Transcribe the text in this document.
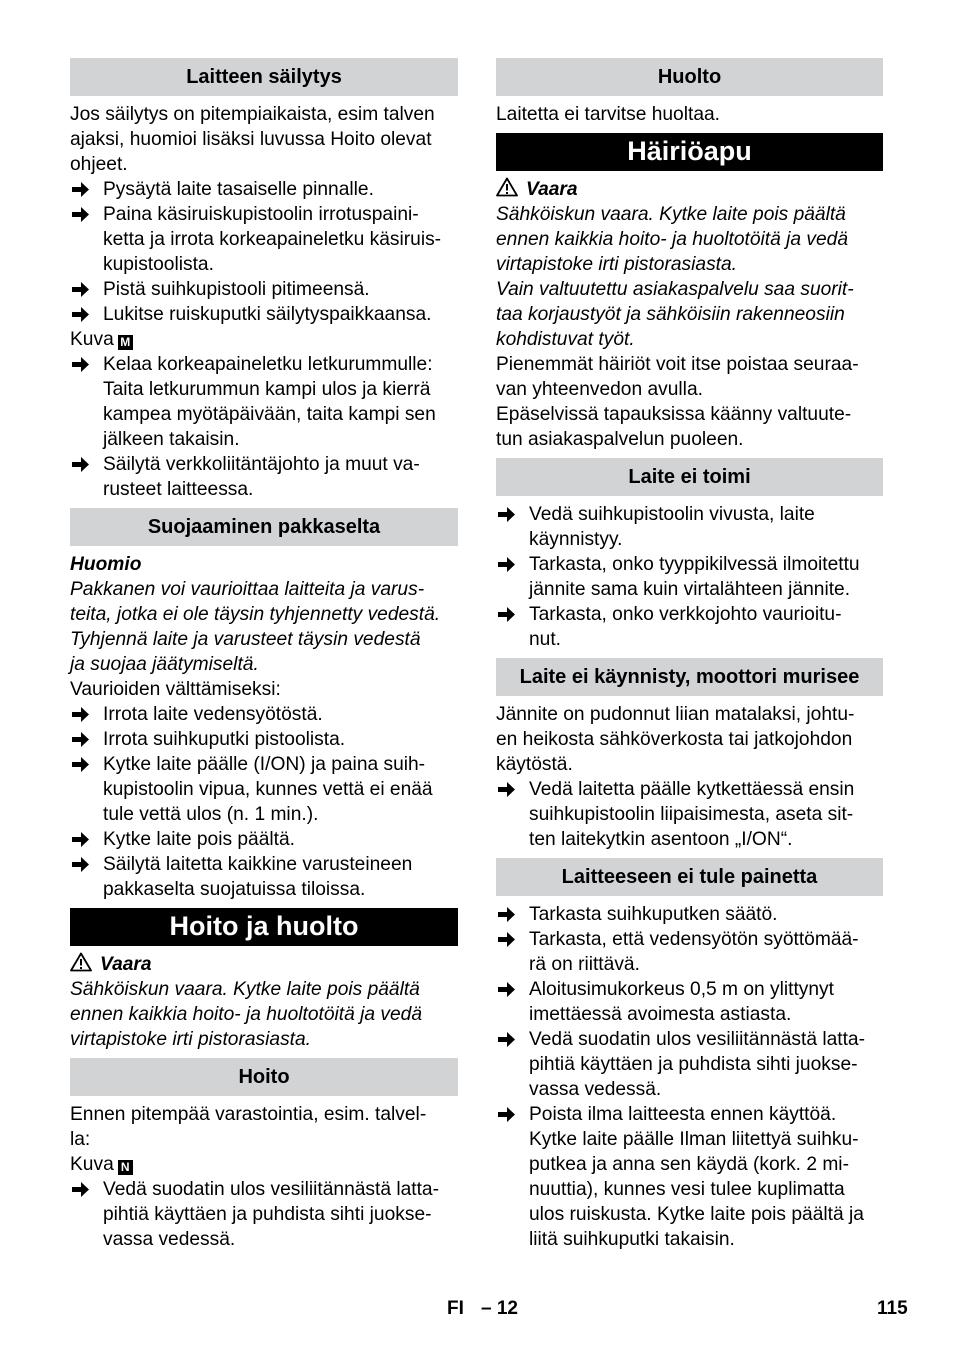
Laitteen säilytys
Jos säilytys on pitempiaikaista, esim talven
ajaksi, huomioi lisäksi luvussa Hoito olevat
ohjeet.
Pysäytä laite tasaiselle pinnalle.
Paina käsiruiskupistoolin irrotuspaini-
ketta ja irrota korkeapaineletku käsiruis-
kupistoolista.
Pistä suihkupistooli pitimeensä.
Lukitse ruiskuputki säilytyspaikkaansa.
Kuva M
Kelaa korkeapaineletku letkurummulle:
Taita letkurummun kampi ulos ja kierrä
kampea myötäpäivään, taita kampi sen
jälkeen takaisin.
Säilytä verkkoliitäntäjohto ja muut va-
rusteet laitteessa.
Suojaaminen pakkaselta
Huomio
Pakkanen voi vaurioittaa laitteita ja varus-
teita, jotka ei ole täysin tyhjennetty vedestä.
Tyhjennä laite ja varusteet täysin vedestä
ja suojaa jäätymiseltä.
Vaurioiden välttämiseksi:
Irrota laite vedensyötöstä.
Irrota suihkuputki pistoolista.
Kytke laite päälle (I/ON) ja paina suih-
kupistoolin vipua, kunnes vettä ei enää
tule vettä ulos (n. 1 min.).
Kytke laite pois päältä.
Säilytä laitetta kaikkine varusteineen
pakkaselta suojatuissa tiloissa.
Hoito ja huolto
Vaara
Sähköiskun vaara. Kytke laite pois päältä
ennen kaikkia hoito- ja huoltotöitä ja vedä
virtapistoke irti pistorasiasta.
Hoito
Ennen pitempää varastointia, esim. talvel-
la:
Kuva N
Vedä suodatin ulos vesiliitännästä latta-
pihtiä käyttäen ja puhdista sihti juokse-
vassa vedessä.
Huolto
Laitetta ei tarvitse huoltaa.
Häiriöapu
Vaara
Sähköiskun vaara. Kytke laite pois päältä
ennen kaikkia hoito- ja huoltotöitä ja vedä
virtapistoke irti pistorasiasta.
Vain valtuutettu asiakaspalvelu saa suorit-
taa korjaustyöt ja sähköisiin rakenneosiin
kohdistuvat työt.
Pienemmät häiriöt voit itse poistaa seuraa-
van yhteenvedon avulla.
Epäselvissä tapauksissa käänny valtuute-
tun asiakaspalvelun puoleen.
Laite ei toimi
Vedä suihkupistoolin vivusta, laite
käynnistyy.
Tarkasta, onko tyyppikilvessä ilmoitettu
jännite sama kuin virtalähteen jännite.
Tarkasta, onko verkkojohto vaurioitu-
nut.
Laite ei käynnisty, moottori murisee
Jännite on pudonnut liian matalaksi, johtu-
en heikosta sähköverkosta tai jatkojohdon
käytöstä.
Vedä laitetta päälle kytkettäessä ensin
suihkupistoolin liipaisimesta, aseta sit-
ten laitekytkin asentoon „I/ON“.
Laitteeseen ei tule painetta
Tarkasta suihkuputken säätö.
Tarkasta, että vedensyötön syöttömää-
rä on riittävä.
Aloitusimukorkeus 0,5 m on ylittynyt
imettäessä avoimesta astiasta.
Vedä suodatin ulos vesiliitännästä latta-
pihtiä käyttäen ja puhdista sihti juokse-
vassa vedessä.
Poista ilma laitteesta ennen käyttöä.
Kytke laite päälle Ilman liitettyä suihku-
putkea ja anna sen käydä (kork. 2 mi-
nuuttia), kunnes vesi tulee kuplimatta
ulos ruiskusta. Kytke laite pois päältä ja
liitä suihkuputki takaisin.
FI – 12	115
